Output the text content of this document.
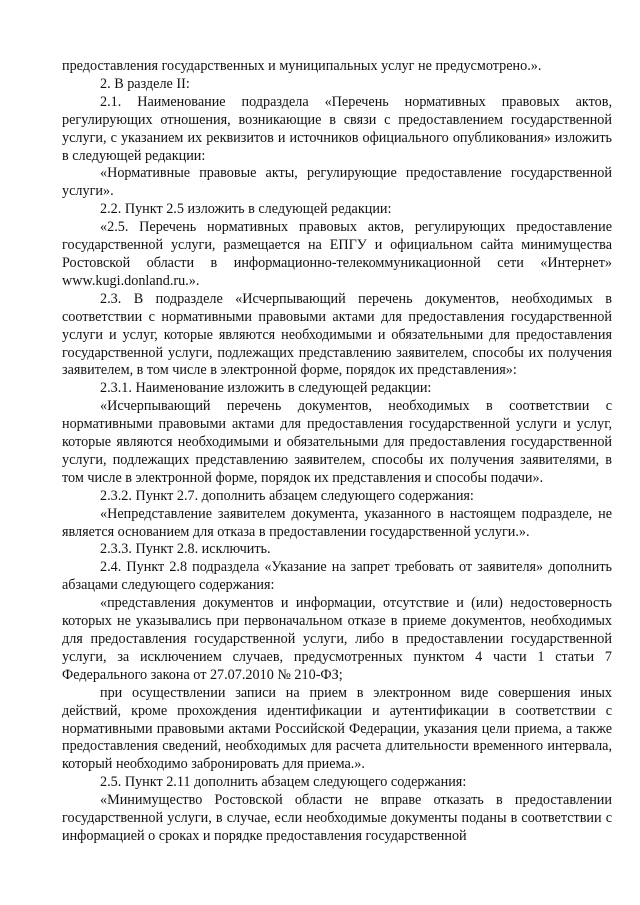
предоставления государственных и муниципальных услуг не предусмотрено.».

2. В разделе II:

2.1. Наименование подраздела «Перечень нормативных правовых актов, регулирующих отношения, возникающие в связи с предоставлением государственной услуги, с указанием их реквизитов и источников официального опубликования» изложить в следующей редакции:

«Нормативные правовые акты, регулирующие предоставление государственной услуги».

2.2. Пункт 2.5 изложить в следующей редакции:

«2.5. Перечень нормативных правовых актов, регулирующих предоставление государственной услуги, размещается на ЕПГУ и официальном сайта минимущества Ростовской области в информационно-телекоммуникационной сети «Интернет» www.kugi.donland.ru.».

2.3. В подразделе «Исчерпывающий перечень документов, необходимых в соответствии с нормативными правовыми актами для предоставления государственной услуги и услуг, которые являются необходимыми и обязательными для предоставления государственной услуги, подлежащих представлению заявителем, способы их получения заявителем, в том числе в электронной форме, порядок их представления»:

2.3.1. Наименование изложить в следующей редакции:

«Исчерпывающий перечень документов, необходимых в соответствии с нормативными правовыми актами для предоставления государственной услуги и услуг, которые являются необходимыми и обязательными для предоставления государственной услуги, подлежащих представлению заявителем, способы их получения заявителями, в том числе в электронной форме, порядок их представления и способы подачи».

2.3.2. Пункт 2.7. дополнить абзацем следующего содержания:

«Непредставление заявителем документа, указанного в настоящем подразделе, не является основанием для отказа в предоставлении государственной услуги.».

2.3.3. Пункт 2.8. исключить.

2.4. Пункт 2.8 подраздела «Указание на запрет требовать от заявителя» дополнить абзацами следующего содержания:

«представления документов и информации, отсутствие и (или) недостоверность которых не указывались при первоначальном отказе в приеме документов, необходимых для предоставления государственной услуги, либо в предоставлении государственной услуги, за исключением случаев, предусмотренных пунктом 4 части 1 статьи 7 Федерального закона от 27.07.2010 № 210-ФЗ;

при осуществлении записи на прием в электронном виде совершения иных действий, кроме прохождения идентификации и аутентификации в соответствии с нормативными правовыми актами Российской Федерации, указания цели приема, а также предоставления сведений, необходимых для расчета длительности временного интервала, который необходимо забронировать для приема.».

2.5. Пункт 2.11 дополнить абзацем следующего содержания:

«Минимущество Ростовской области не вправе отказать в предоставлении государственной услуги, в случае, если необходимые документы поданы в соответствии с информацией о сроках и порядке предоставления государственной
